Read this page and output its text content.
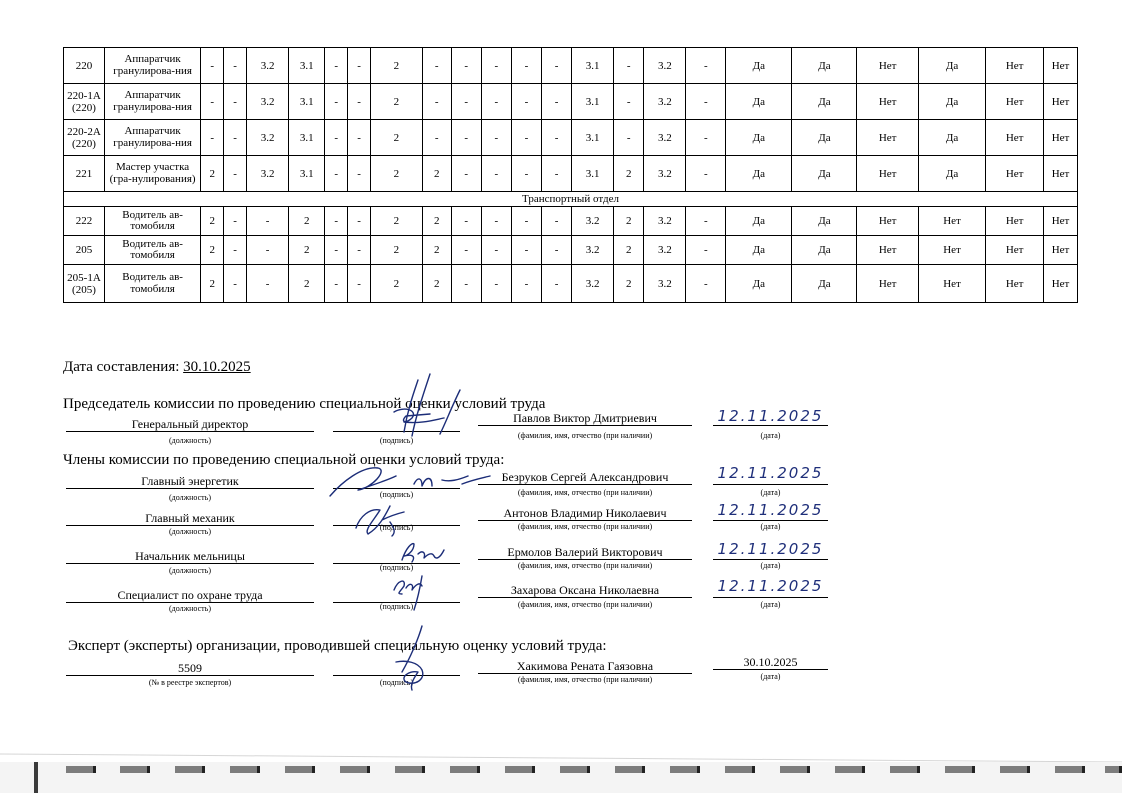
220	Аппаратчик гранулирова-ния	-	-	3.2	3.1	-	-	2	-	-	-	-	-	3.1	-	3.2	-	Да	Да	Нет	Да	Нет	Нет
220-1А (220)	Аппаратчик гранулирова-ния	-	-	3.2	3.1	-	-	2	-	-	-	-	-	3.1	-	3.2	-	Да	Да	Нет	Да	Нет	Нет
220-2А (220)	Аппаратчик гранулирова-ния	-	-	3.2	3.1	-	-	2	-	-	-	-	-	3.1	-	3.2	-	Да	Да	Нет	Да	Нет	Нет
221	Мастер участка (гра-нулирования)	2	-	3.2	3.1	-	-	2	2	-	-	-	-	3.1	2	3.2	-	Да	Да	Нет	Да	Нет	Нет
Транспортный отдел																							
222	Водитель ав-томобиля	2	-	-	2	-	-	2	2	-	-	-	-	3.2	2	3.2	-	Да	Да	Нет	Нет	Нет	Нет
205	Водитель ав-томобиля	2	-	-	2	-	-	2	2	-	-	-	-	3.2	2	3.2	-	Да	Да	Нет	Нет	Нет	Нет
205-1А (205)	Водитель ав-томобиля	2	-	-	2	-	-	2	2	-	-	-	-	3.2	2	3.2	-	Да	Да	Нет	Нет	Нет	Нет
Дата составления: 30.10.2025
Председатель комиссии по проведению специальной оценки условий труда
Генеральный директор
(должность)	(подпись)
Павлов Виктор Дмитриевич
(фамилия, имя, отчество (при наличии)
12.11.2025
(дата)
Члены комиссии по проведению специальной оценки условий труда:
Главный энергетик
(должность)	(подпись)
Безруков Сергей Александрович
(фамилия, имя, отчество (при наличии)
12.11.2025
(дата)
Главный механик
(должность)	(подпись)
Антонов Владимир Николаевич
(фамилия, имя, отчество (при наличии)
12.11.2025
(дата)
Начальник мельницы
(должность)	(подпись)
Ермолов Валерий Викторович
(фамилия, имя, отчество (при наличии)
12.11.2025
(дата)
Специалист по охране труда
(должность)	(подпись)
Захарова Оксана Николаевна
(фамилия, имя, отчество (при наличии)
12.11.2025
(дата)
Эксперт (эксперты) организации, проводившей специальную оценку условий труда:
5509
(№ в реестре экспертов)	(подпись)
Хакимова Рената Гаязовна
(фамилия, имя, отчество (при наличии)
30.10.2025
(дата)
